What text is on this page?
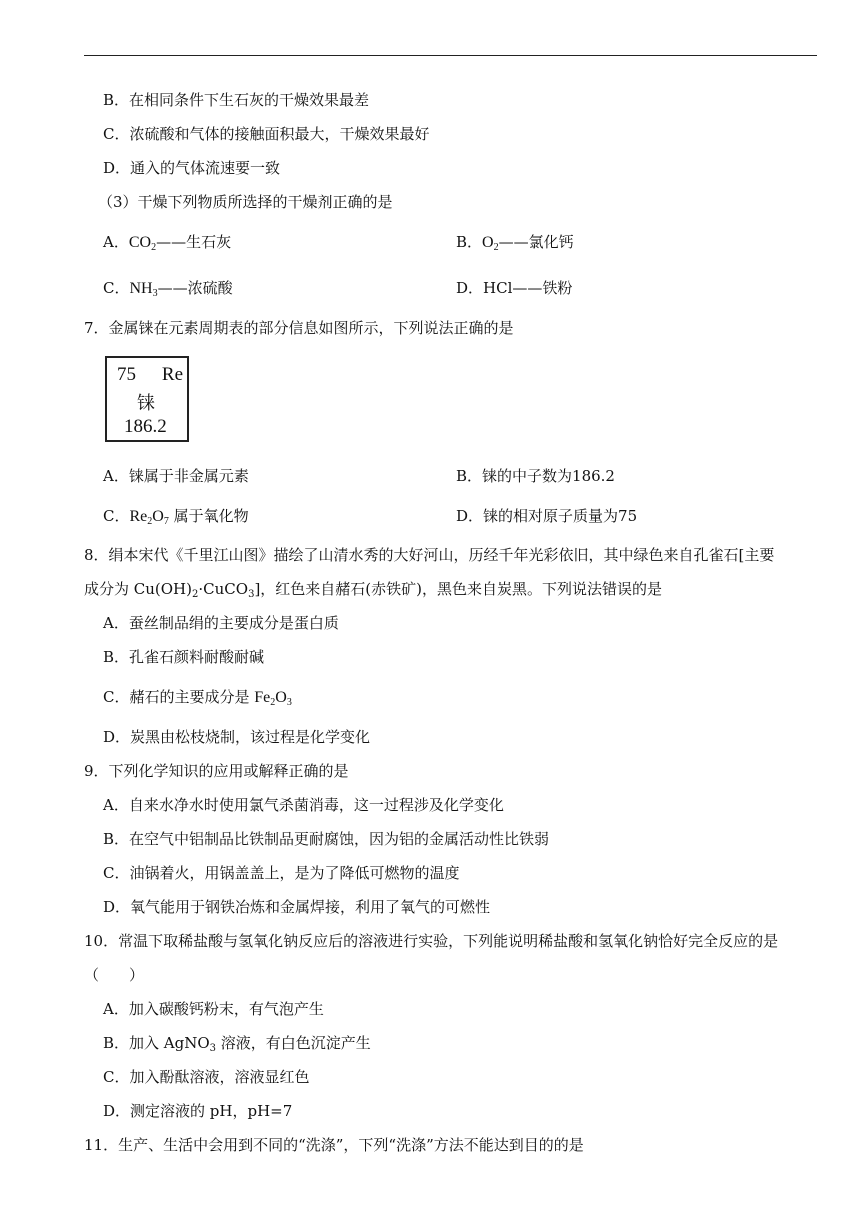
B．在相同条件下生石灰的干燥效果最差
C．浓硫酸和气体的接触面积最大，干燥效果最好
D．通入的气体流速要一致
（3）干燥下列物质所选择的干燥剂正确的是
A．$CO_2——$生石灰	B．$O_2——$氯化钙
C．$NH_3——$浓硫酸	D．HCl——铁粉
7．金属铼在元素周期表的部分信息如图所示，下列说法正确的是
75 Re
铼
186.2
A．铼属于非金属元素	B．铼的中子数为186.2
C．$Re_2O_7$ 属于氧化物	D．铼的相对原子质量为75
8．绢本宋代《千里江山图》描绘了山清水秀的大好河山，历经千年光彩依旧，其中绿色来自孔雀石[主要
成分为 $Cu(OH)_2\cdot CuCO_3$]，红色来自赭石(赤铁矿)，黑色来自炭黑。下列说法错误的是
A．蚕丝制品绢的主要成分是蛋白质
B．孔雀石颜料耐酸耐碱
C．赭石的主要成分是 $Fe_2O_3$
D．炭黑由松枝烧制，该过程是化学变化
9．下列化学知识的应用或解释正确的是
A．自来水净水时使用氯气杀菌消毒，这一过程涉及化学变化
B．在空气中铝制品比铁制品更耐腐蚀，因为铝的金属活动性比铁弱
C．油锅着火，用锅盖盖上，是为了降低可燃物的温度
D．氧气能用于钢铁冶炼和金属焊接，利用了氧气的可燃性
10．常温下取稀盐酸与氢氧化钠反应后的溶液进行实验，下列能说明稀盐酸和氢氧化钠恰好完全反应的是
（　　）
A．加入碳酸钙粉末，有气泡产生
B．加入 AgNO$_3$ 溶液，有白色沉淀产生
C．加入酚酞溶液，溶液显红色
D．测定溶液的 pH，pH=7
11．生产、生活中会用到不同的“洗涤”，下列“洗涤”方法不能达到目的的是
